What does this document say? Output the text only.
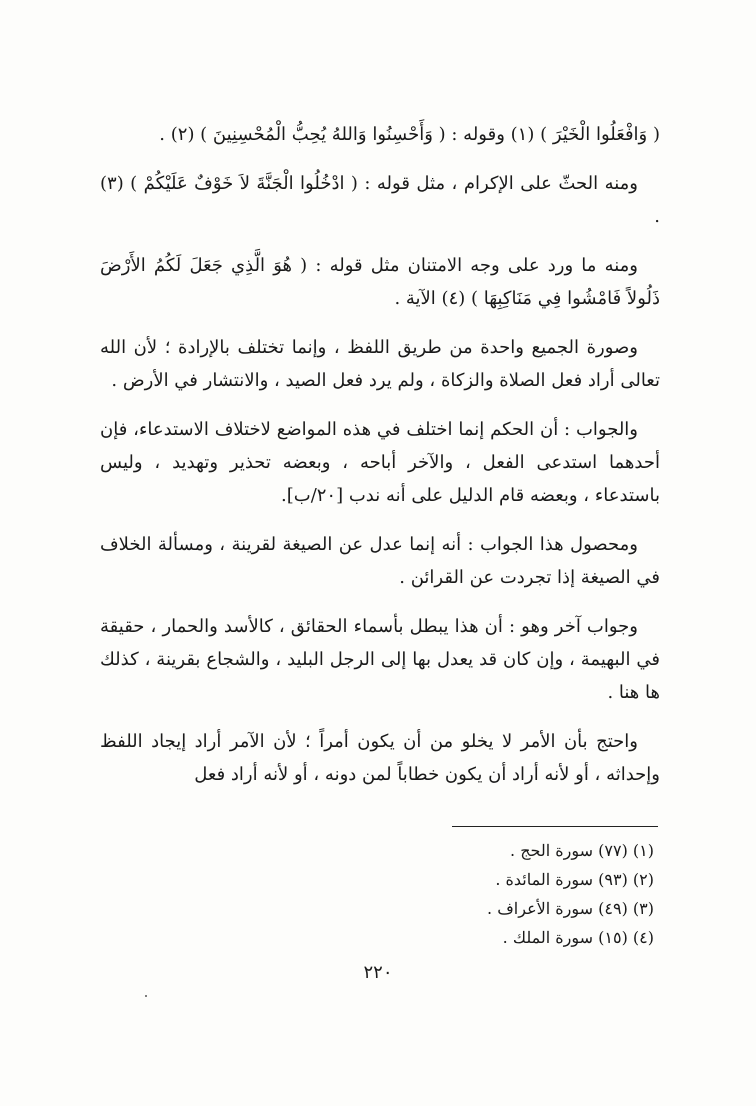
( وَافْعَلُوا الْخَيْرَ ) (١) وقوله : ( وَأَحْسِنُوا وَاللهُ يُحِبُّ الْمُحْسِنِينَ ) (٢) .

ومنه الحثّ على الإكرام ، مثل قوله : ( ادْخُلُوا الْجَنَّةَ لاَ خَوْفٌ عَلَيْكُمْ ) (٣) .

ومنه ما ورد على وجه الامتنان مثل قوله : ( هُوَ الَّذِي جَعَلَ لَكُمُ الأَرْضَ ذَلُولاً فَامْشُوا فِي مَنَاكِبِهَا ) (٤) الآية .

وصورة الجميع واحدة من طريق اللفظ ، وإنما تختلف بالإرادة ؛ لأن الله تعالى أراد فعل الصلاة والزكاة ، ولم يرد فعل الصيد ، والانتشار في الأرض .

والجواب : أن الحكم إنما اختلف في هذه المواضع لاختلاف الاستدعاء، فإن أحدهما استدعى الفعل ، والآخر أباحه ، وبعضه تحذير وتهديد ، وليس باستدعاء ، وبعضه قام الدليل على أنه ندب [٢٠/ب].

ومحصول هذا الجواب : أنه إنما عدل عن الصيغة لقرينة ، ومسألة الخلاف في الصيغة إذا تجردت عن القرائن .

وجواب آخر وهو : أن هذا يبطل بأسماء الحقائق ، كالأسد والحمار ، حقيقة في البهيمة ، وإن كان قد يعدل بها إلى الرجل البليد ، والشجاع بقرينة ، كذلك ها هنا .

واحتج بأن الأمر لا يخلو من أن يكون أمراً ؛ لأن الآمر أراد إيجاد اللفظ وإحداثه ، أو لأنه أراد أن يكون خطاباً لمن دونه ، أو لأنه أراد فعل

(١) (٧٧) سورة الحج .

(٢) (٩٣) سورة المائدة .

(٣) (٤٩) سورة الأعراف .

(٤) (١٥) سورة الملك .

٢٢٠
